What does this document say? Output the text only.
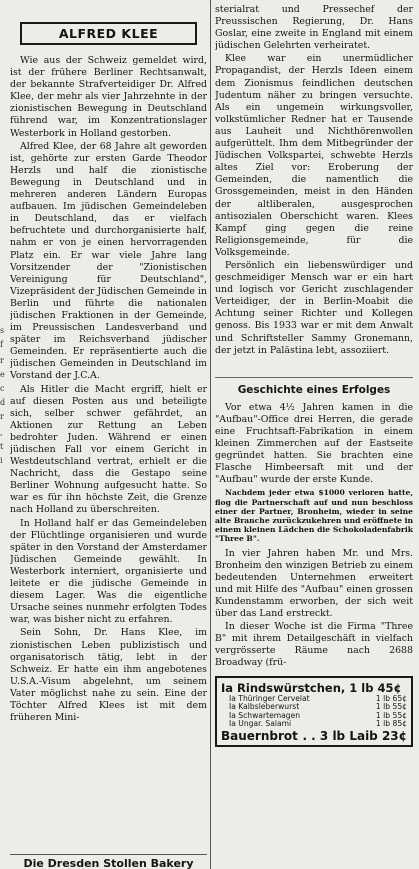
s
f
r
e
c
d
r
,
t
i
ALFRED KLEE

Wie aus der Schweiz gemeldet wird, ist der frühere Berliner Rechtsanwalt, der bekannte Strafverteidiger Dr. Alfred Klee, der mehr als vier Jahrzehnte in der zionistischen Bewegung in Deutschland führend war, im Konzentrationslager Westerbork in Holland gestorben.

Alfred Klee, der 68 Jahre alt geworden ist, gehörte zur ersten Garde Theodor Herzls und half die zionistische Bewegung in Deutschland und in mehreren anderen Ländern Europas aufbauen. Im jüdischen Gemeindeleben in Deutschland, das er vielfach befruchtete und durchorganisierte half, nahm er von je einen hervorragenden Platz ein. Er war viele Jahre lang Vorsitzender der "Zionistischen Vereinigung für Deutschland", Vizepräsident der Jüdischen Gemeinde in Berlin und führte die nationalen jüdischen Fraktionen in der Gemeinde, im Preussischen Landesverband und später im Reichsverband jüdischer Gemeinden. Er repräsentierte auch die jüdischen Gemeinden in Deutschland im Vorstand der J.C.A.

Als Hitler die Macht ergriff, hielt er auf diesen Posten aus und beteiligte sich, selber schwer gefährdet, an Aktionen zur Rettung an Leben bedrohter Juden. Während er einen jüdischen Fall vor einem Gericht in Westdeutschland vertrat, erhielt er die Nachricht, dass die Gestapo seine Berliner Wohnung aufgesucht hatte. So war es für ihn höchste Zeit, die Grenze nach Holland zu überschreiten.

In Holland half er das Gemeindeleben der Flüchtlinge organisieren und wurde später in den Vorstand der Amsterdamer Jüdischen Gemeinde gewählt. In Westerbork interniert, organisierte und leitete er die jüdische Gemeinde in diesem Lager. Was die eigentliche Ursache seines nunmehr erfolgten Todes war, was bisher nicht zu erfahren.

Sein Sohn, Dr. Hans Klee, im zionistischen Leben publizistisch und organisatorisch tätig, lebt in der Schweiz. Er hatte ein ihm angebotenes U.S.A.-Visum abgelehnt, um seinem Vater möglichst nahe zu sein. Eine der Töchter Alfred Klees ist mit dem früheren Mini-

Die Dresden Stollen Bakery

sterialrat und Pressechef der Preussischen Regierung, Dr. Hans Goslar, eine zweite in England mit einem jüdischen Gelehrten verheiratet.

Klee war ein unermüdlicher Propagandist, der Herzls Ideen einem dem Zionismus feindlichen deutschen Judentum näher zu bringen versuchte. Als ein ungemein wirkungsvoller, volkstümlicher Redner hat er Tausende aus Lauheit und Nichthörenwollen aufgerüttelt. Ihm dem Mitbegründer der Jüdischen Volkspartei, schwebte Herzls altes Ziel vor: Eroberung der Gemeinden, die namentlich die Grossgemeinden, meist in den Händen der altliberalen, ausgesprochen antisozialen Oberschicht waren. Klees Kampf ging gegen die reine Religionsgemeinde, für die Volksgemeinde.

Persönlich ein liebenswürdiger und geschmeidiger Mensch war er ein hart und logisch vor Gericht zuschlagender Verteidiger, der in Berlin-Moabit die Achtung seiner Richter und Kollegen genoss. Bis 1933 war er mit dem Anwalt und Schriftsteller Sammy Gronemann, der jetzt in Palästina lebt, assoziiert.

Geschichte eines Erfolges

Vor etwa 4½ Jahren kamen in die "Aufbau"-Office drei Herren, die gerade eine Fruchtsaft-Fabrikation in einem kleinen Zimmerchen auf der Eastseite gegründet hatten. Sie brachten eine Flasche Himbeersaft mit und der "Aufbau" wurde der erste Kunde.

Nachdem jeder etwa $1000 verloren hatte, flog die Partnerschaft auf und nun beschloss einer der Partner, Bronheim, wieder in seine alte Branche zurückzukehren und eröffnete in einem kleinen Lädchen die Schokoladenfabrik "Three B".

In vier Jahren haben Mr. und Mrs. Bronheim den winzigen Betrieb zu einem bedeutenden Unternehmen erweitert und mit Hilfe des "Aufbau" einen grossen Kundenstamm erworben, der sich weit über das Land erstreckt.

In dieser Woche ist die Firma "Three B" mit ihrem Detailgeschäft in vielfach vergrösserte Räume nach 2688 Broadway (frü-

Ia Rindswürstchen, 1 lb 45¢
Ia Thüringer Cervelat	1 lb 65¢
Ia Kalbsleberwurst	1 lb 55¢
Ia Schwartemagen	1 lb 55¢
Ia Ungar. Salami	1 lb 85¢
Bauernbrot . . 3 lb Laib 23¢
